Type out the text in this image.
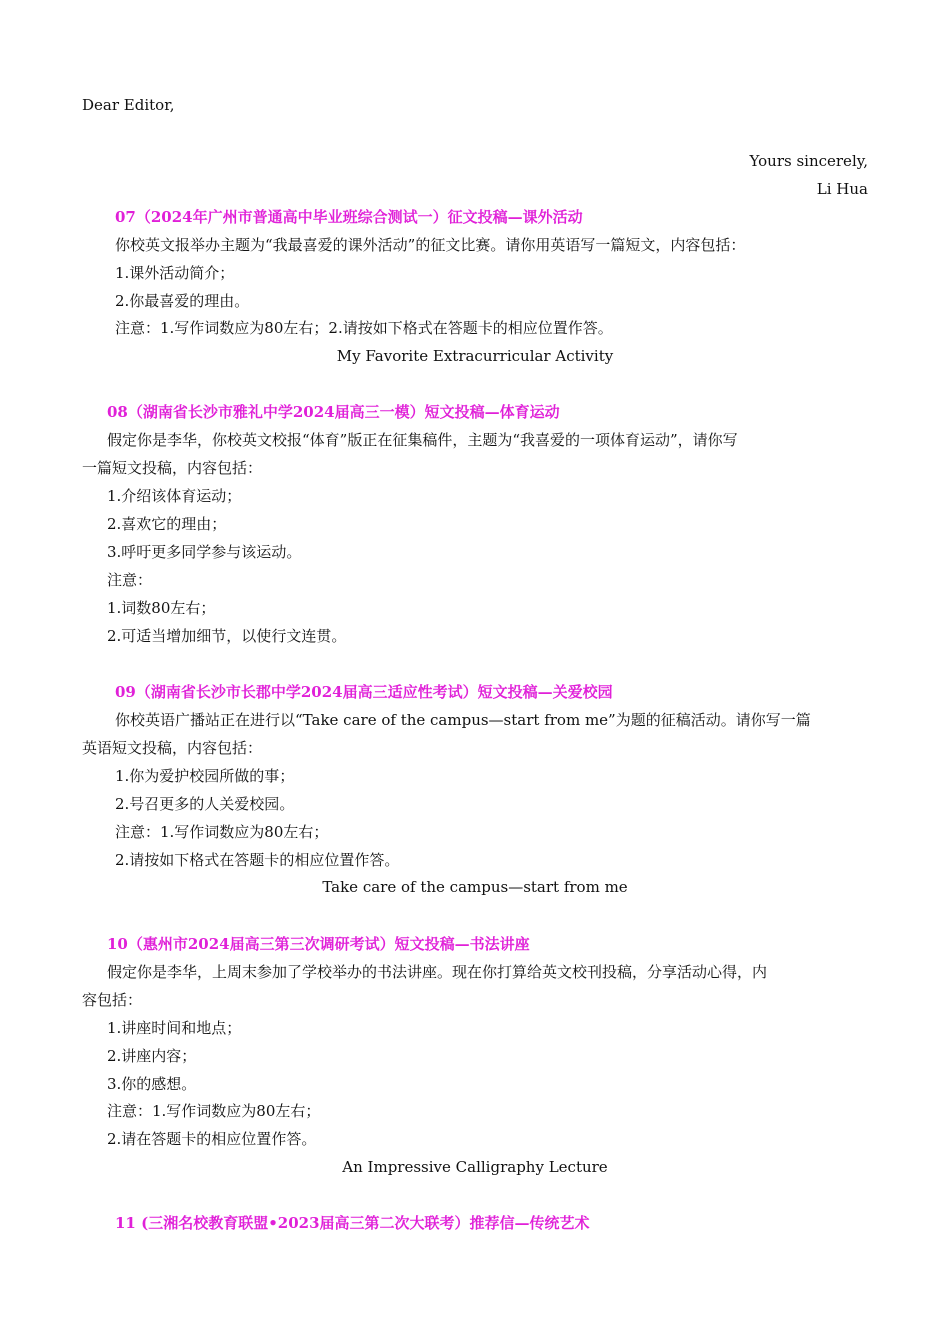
Dear Editor,
Yours sincerely,
Li Hua
07（2024年广州市普通高中毕业班综合测试一）征文投稿—课外活动
你校英文报举办主题为“我最喜爱的课外活动”的征文比赛。请你用英语写一篇短文，内容包括：
1.课外活动简介；
2.你最喜爱的理由。
注意：1.写作词数应为80左右；2.请按如下格式在答题卡的相应位置作答。
My Favorite Extracurricular Activity
08（湖南省长沙市雅礼中学2024届高三一模）短文投稿—体育运动
假定你是李华，你校英文校报“体育”版正在征集稿件，主题为“我喜爱的一项体育运动”，请你写
一篇短文投稿，内容包括：
1.介绍该体育运动；
2.喜欢它的理由；
3.呼吁更多同学参与该运动。
注意：
1.词数80左右；
2.可适当增加细节，以使行文连贯。
09（湖南省长沙市长郡中学2024届高三适应性考试）短文投稿—关爱校园
你校英语广播站正在进行以“Take care of the campus—start from me”为题的征稿活动。请你写一篇
英语短文投稿，内容包括：
1.你为爱护校园所做的事；
2.号召更多的人关爱校园。
注意：1.写作词数应为80左右；
2.请按如下格式在答题卡的相应位置作答。
Take care of the campus—start from me
10（惠州市2024届高三第三次调研考试）短文投稿—书法讲座
假定你是李华，上周末参加了学校举办的书法讲座。现在你打算给英文校刊投稿，分享活动心得，内
容包括：
1.讲座时间和地点；
2.讲座内容；
3.你的感想。
注意：1.写作词数应为80左右；
2.请在答题卡的相应位置作答。
An Impressive Calligraphy Lecture
11 (三湘名校教育联盟•2023届高三第二次大联考）推荐信—传统艺术
